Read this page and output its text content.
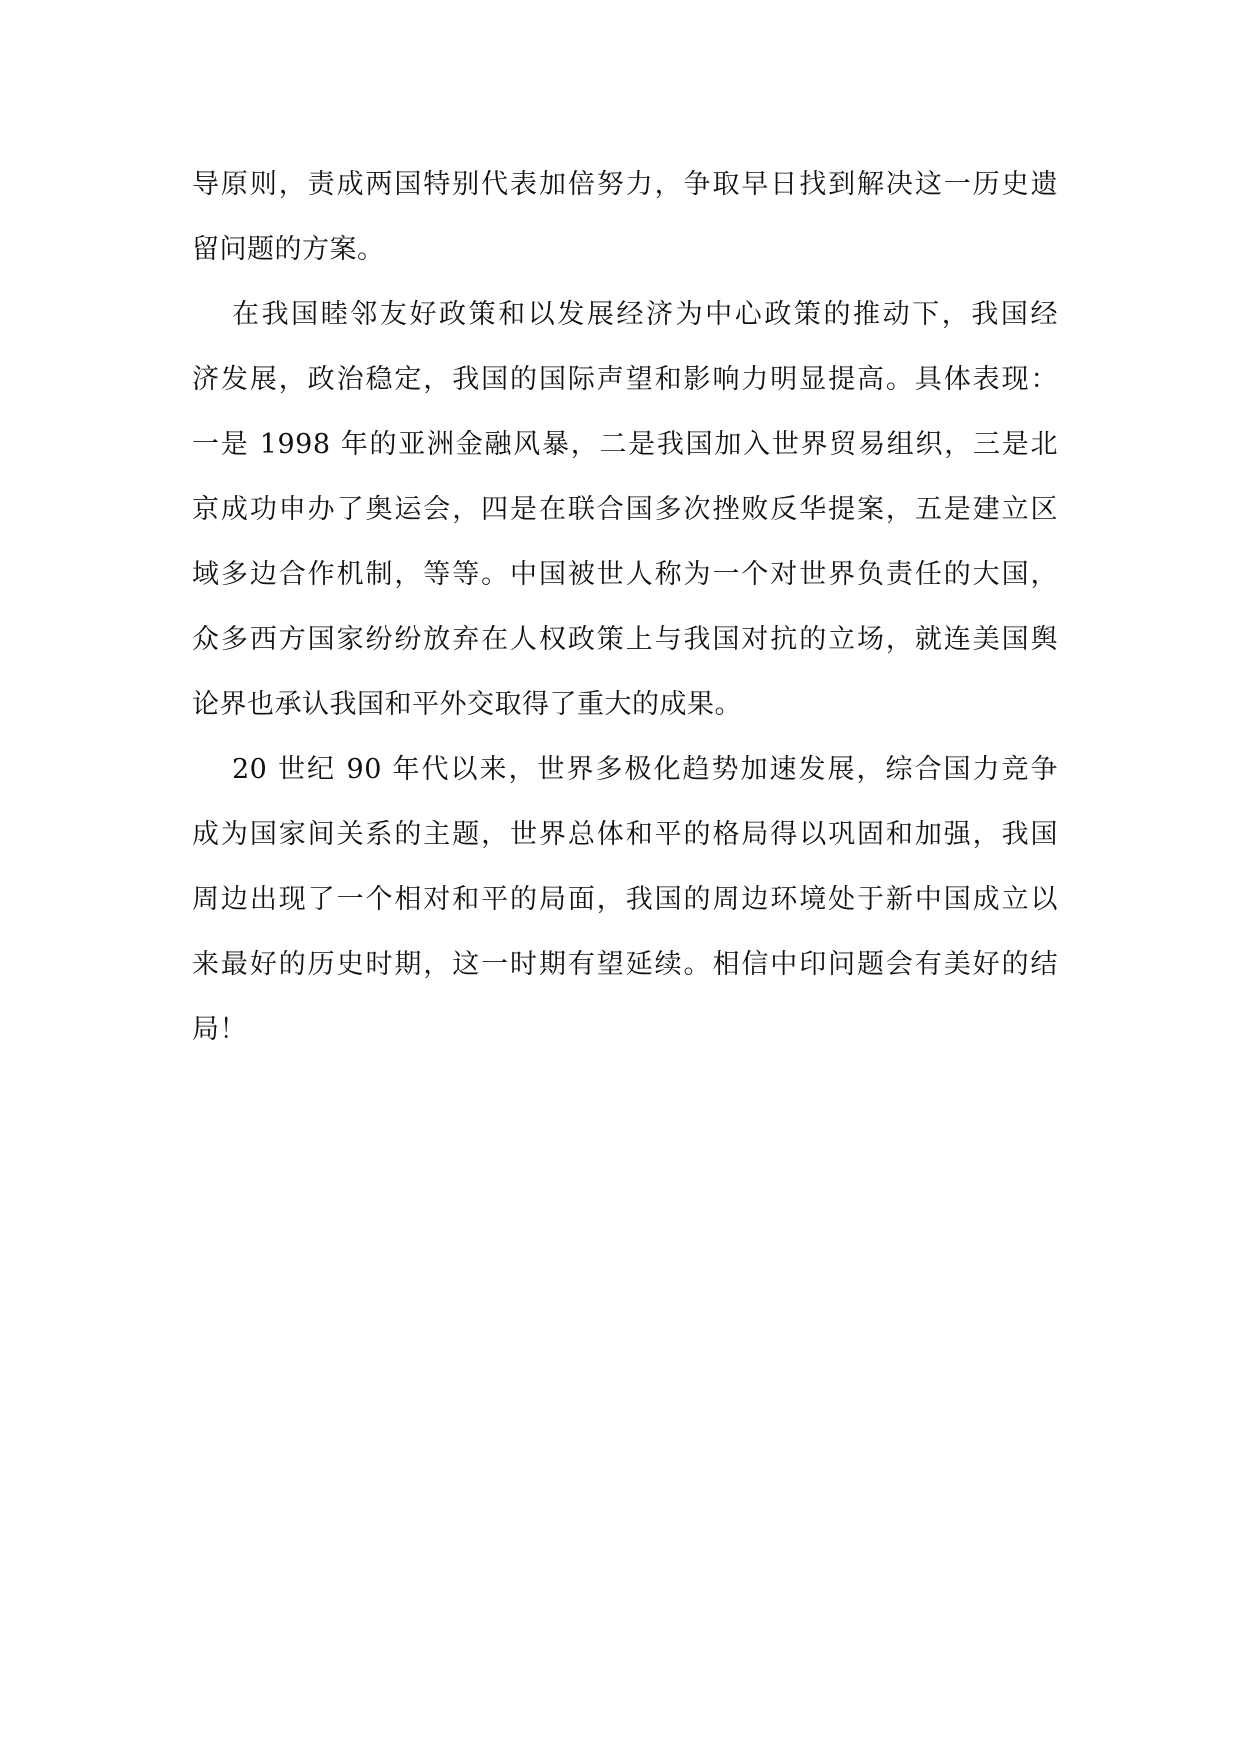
导原则，责成两国特别代表加倍努力，争取早日找到解决这一历史遗
留问题的方案。
在我国睦邻友好政策和以发展经济为中心政策的推动下，我国经
济发展，政治稳定，我国的国际声望和影响力明显提高。具体表现：
一是 1998 年的亚洲金融风暴，二是我国加入世界贸易组织，三是北
京成功申办了奥运会，四是在联合国多次挫败反华提案，五是建立区
域多边合作机制，等等。中国被世人称为一个对世界负责任的大国，
众多西方国家纷纷放弃在人权政策上与我国对抗的立场，就连美国舆
论界也承认我国和平外交取得了重大的成果。
20 世纪 90 年代以来，世界多极化趋势加速发展，综合国力竞争
成为国家间关系的主题，世界总体和平的格局得以巩固和加强，我国
周边出现了一个相对和平的局面，我国的周边环境处于新中国成立以
来最好的历史时期，这一时期有望延续。相信中印问题会有美好的结
局！
